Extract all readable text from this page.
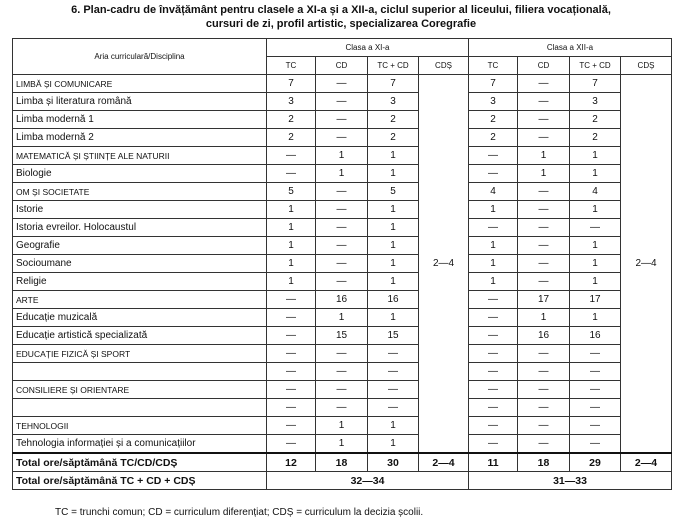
6. Plan-cadru de învățământ pentru clasele a XI-a și a XII-a, ciclul superior al liceului, filiera vocațională,
cursuri de zi, profil artistic, specializarea Coregrafie
Aria curriculară/Disciplina	Clasa a XI-a				Clasa a XII-a			
	TC	CD	TC + CD	CDȘ	TC	CD	TC + CD	CDȘ
LIMBĂ ȘI COMUNICARE	7	—	7	2—4	7	—	7	2—4
Limba și literatura română	3	—	3		3	—	3	
Limba modernă 1	2	—	2		2	—	2	
Limba modernă 2	2	—	2		2	—	2	
MATEMATICĂ ȘI ȘTIINȚE ALE NATURII	—	1	1		—	1	1	
Biologie	—	1	1		—	1	1	
OM ȘI SOCIETATE	5	—	5		4	—	4	
Istorie	1	—	1		1	—	1	
Istoria evreilor. Holocaustul	1	—	1		—	—	—	
Geografie	1	—	1		1	—	1	
Socioumane	1	—	1		1	—	1	
Religie	1	—	1		1	—	1	
ARTE	—	16	16		—	17	17	
Educație muzicală	—	1	1		—	1	1	
Educație artistică specializată	—	15	15		—	16	16	
EDUCAȚIE FIZICĂ ȘI SPORT	—	—	—		—	—	—	
	—	—	—		—	—	—	
CONSILIERE ȘI ORIENTARE	—	—	—		—	—	—	
	—	—	—		—	—	—	
TEHNOLOGII	—	1	1		—	—	—	
Tehnologia informației și a comunicațiilor	—	1	1		—	—	—	
Total ore/săptămână TC/CD/CDȘ	12	18	30	2—4	11	18	29	2—4
Total ore/săptămână TC + CD + CDȘ	32—34				31—33			
TC = trunchi comun; CD = curriculum diferențiat; CDȘ = curriculum la decizia școlii.
